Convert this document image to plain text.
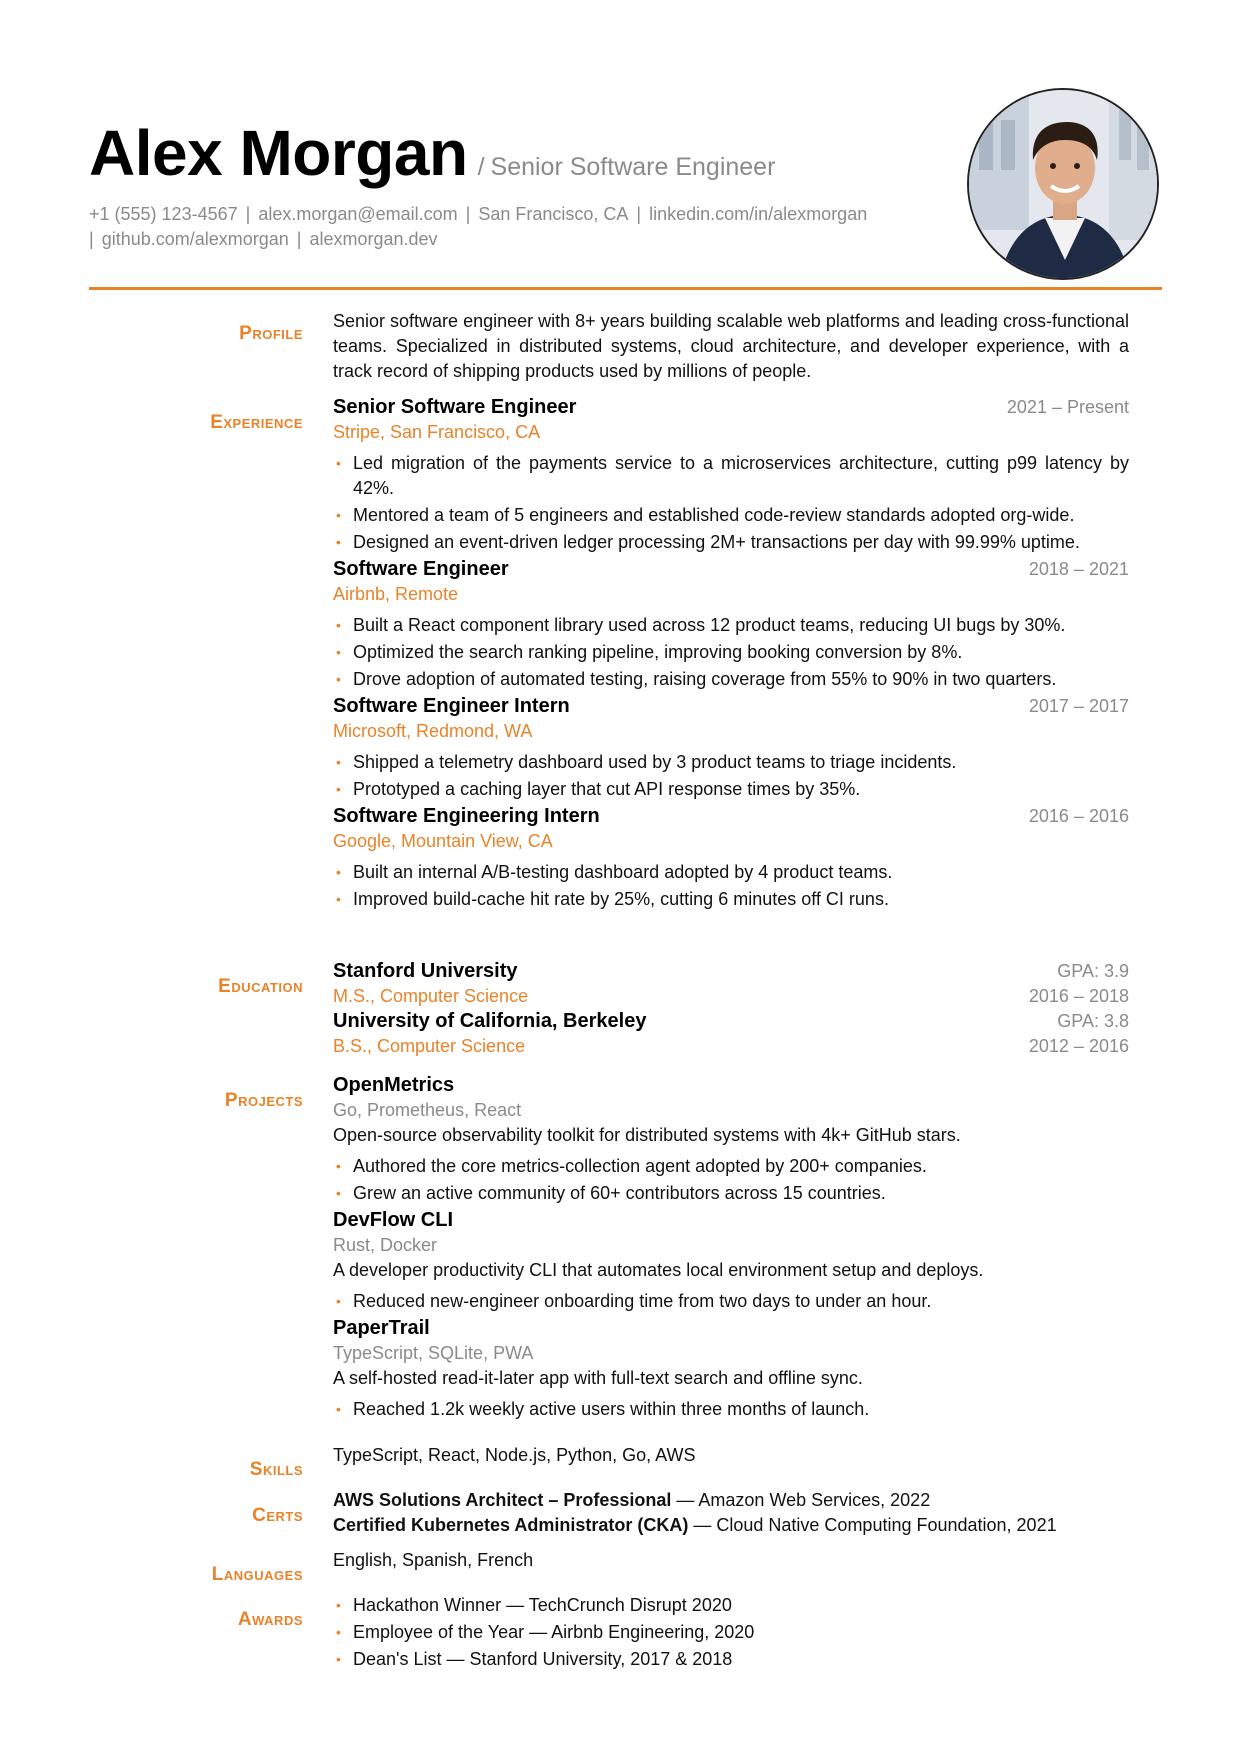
Alex Morgan / Senior Software Engineer
+1 (555) 123-4567 | alex.morgan@email.com | San Francisco, CA | linkedin.com/in/alexmorgan
| github.com/alexmorgan | alexmorgan.dev
Profile
Senior software engineer with 8+ years building scalable web platforms and leading cross-functional teams. Specialized in distributed systems, cloud architecture, and developer experience, with a track record of shipping products used by millions of people.
Experience
Senior Software Engineer	2021 – Present
Stripe, San Francisco, CA
• Led migration of the payments service to a microservices architecture, cutting p99 latency by 42%.
• Mentored a team of 5 engineers and established code-review standards adopted org-wide.
• Designed an event-driven ledger processing 2M+ transactions per day with 99.99% uptime.
Software Engineer	2018 – 2021
Airbnb, Remote
• Built a React component library used across 12 product teams, reducing UI bugs by 30%.
• Optimized the search ranking pipeline, improving booking conversion by 8%.
• Drove adoption of automated testing, raising coverage from 55% to 90% in two quarters.
Software Engineer Intern	2017 – 2017
Microsoft, Redmond, WA
• Shipped a telemetry dashboard used by 3 product teams to triage incidents.
• Prototyped a caching layer that cut API response times by 35%.
Software Engineering Intern	2016 – 2016
Google, Mountain View, CA
• Built an internal A/B-testing dashboard adopted by 4 product teams.
• Improved build-cache hit rate by 25%, cutting 6 minutes off CI runs.
Education
Stanford University	GPA: 3.9
M.S., Computer Science	2016 – 2018
University of California, Berkeley	GPA: 3.8
B.S., Computer Science	2012 – 2016
Projects
OpenMetrics
Go, Prometheus, React
Open-source observability toolkit for distributed systems with 4k+ GitHub stars.
• Authored the core metrics-collection agent adopted by 200+ companies.
• Grew an active community of 60+ contributors across 15 countries.
DevFlow CLI
Rust, Docker
A developer productivity CLI that automates local environment setup and deploys.
• Reduced new-engineer onboarding time from two days to under an hour.
PaperTrail
TypeScript, SQLite, PWA
A self-hosted read-it-later app with full-text search and offline sync.
• Reached 1.2k weekly active users within three months of launch.
Skills
TypeScript, React, Node.js, Python, Go, AWS
Certs
AWS Solutions Architect – Professional — Amazon Web Services, 2022
Certified Kubernetes Administrator (CKA) — Cloud Native Computing Foundation, 2021
Languages
English, Spanish, French
Awards
• Hackathon Winner — TechCrunch Disrupt 2020
• Employee of the Year — Airbnb Engineering, 2020
• Dean's List — Stanford University, 2017 & 2018
